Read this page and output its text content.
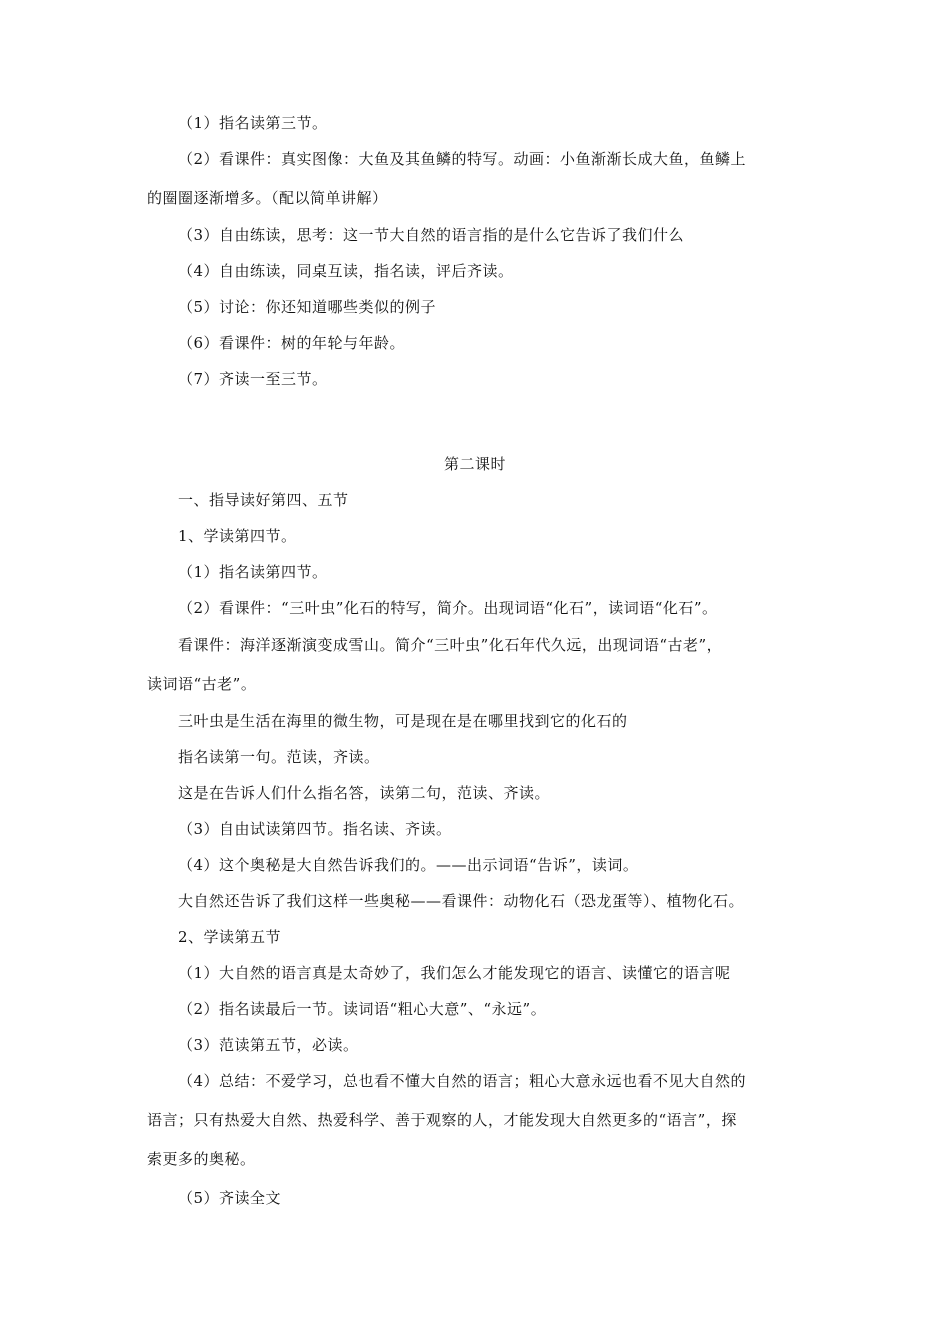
（1）指名读第三节。
（2）看课件：真实图像：大鱼及其鱼鳞的特写。动画：小鱼渐渐长成大鱼，鱼鳞上
的圈圈逐渐增多。（配以简单讲解）
（3）自由练读，思考：这一节大自然的语言指的是什么它告诉了我们什么
（4）自由练读，同桌互读，指名读，评后齐读。
（5）讨论：你还知道哪些类似的例子
（6）看课件：树的年轮与年龄。
（7）齐读一至三节。
第二课时
一、指导读好第四、五节
1、学读第四节。
（1）指名读第四节。
（2）看课件：“三叶虫”化石的特写，简介。出现词语“化石”，读词语“化石”。
看课件：海洋逐渐演变成雪山。简介“三叶虫”化石年代久远，出现词语“古老”，
读词语“古老”。
三叶虫是生活在海里的微生物，可是现在是在哪里找到它的化石的
指名读第一句。范读，齐读。
这是在告诉人们什么指名答，读第二句，范读、齐读。
（3）自由试读第四节。指名读、齐读。
（4）这个奥秘是大自然告诉我们的。——出示词语“告诉”，读词。
大自然还告诉了我们这样一些奥秘——看课件：动物化石（恐龙蛋等）、植物化石。
2、学读第五节
（1）大自然的语言真是太奇妙了，我们怎么才能发现它的语言、读懂它的语言呢
（2）指名读最后一节。读词语“粗心大意”、“永远”。
（3）范读第五节，必读。
（4）总结：不爱学习，总也看不懂大自然的语言；粗心大意永远也看不见大自然的
语言；只有热爱大自然、热爱科学、善于观察的人，才能发现大自然更多的“语言”，探
索更多的奥秘。
（5）齐读全文
